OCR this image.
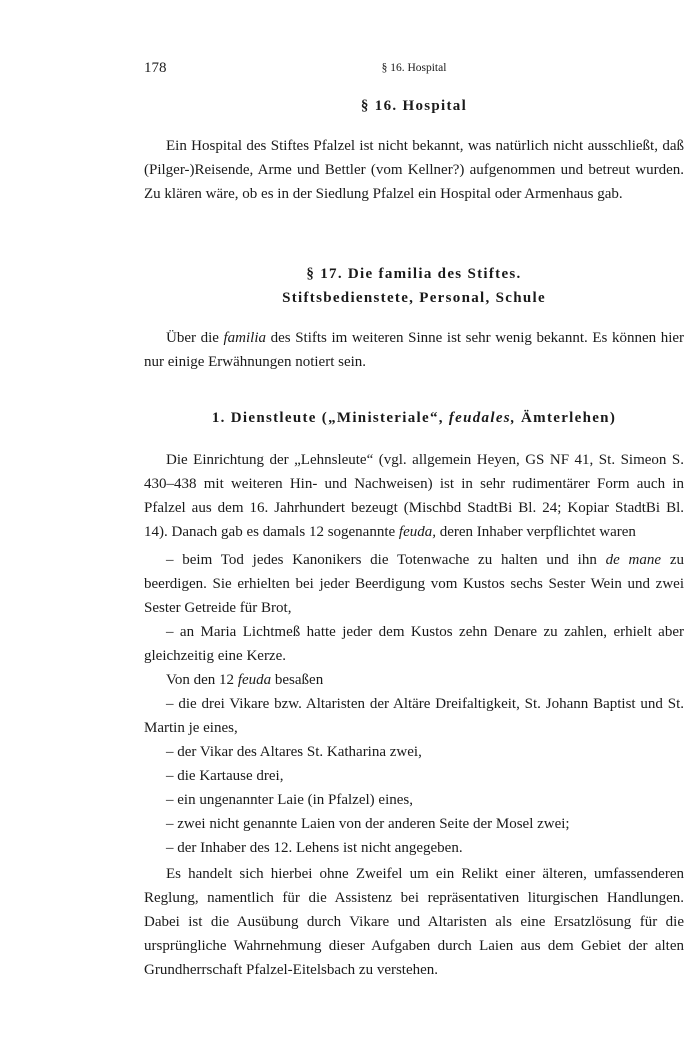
178	§ 16. Hospital
§ 16. Hospital

Ein Hospital des Stiftes Pfalzel ist nicht bekannt, was natürlich nicht ausschließt, daß (Pilger-)Reisende, Arme und Bettler (vom Kellner?) aufgenommen und betreut wurden. Zu klären wäre, ob es in der Siedlung Pfalzel ein Hospital oder Armenhaus gab.

§ 17. Die familia des Stiftes.
Stiftsbedienstete, Personal, Schule

Über die familia des Stifts im weiteren Sinne ist sehr wenig bekannt. Es können hier nur einige Erwähnungen notiert sein.

1. Dienstleute („Ministeriale“, feudales, Ämterlehen)

Die Einrichtung der „Lehnsleute“ (vgl. allgemein Heyen, GS NF 41, St. Simeon S. 430–438 mit weiteren Hin- und Nachweisen) ist in sehr rudimentärer Form auch in Pfalzel aus dem 16. Jahrhundert bezeugt (Mischbd StadtBi Bl. 24; Kopiar StadtBi Bl. 14). Danach gab es damals 12 sogenannte feuda, deren Inhaber verpflichtet waren

– beim Tod jedes Kanonikers die Totenwache zu halten und ihn de mane zu beerdigen. Sie erhielten bei jeder Beerdigung vom Kustos sechs Sester Wein und zwei Sester Getreide für Brot,

– an Maria Lichtmeß hatte jeder dem Kustos zehn Denare zu zahlen, erhielt aber gleichzeitig eine Kerze.

Von den 12 feuda besaßen

– die drei Vikare bzw. Altaristen der Altäre Dreifaltigkeit, St. Johann Baptist und St. Martin je eines,

– der Vikar des Altares St. Katharina zwei,

– die Kartause drei,

– ein ungenannter Laie (in Pfalzel) eines,

– zwei nicht genannte Laien von der anderen Seite der Mosel zwei;

– der Inhaber des 12. Lehens ist nicht angegeben.

Es handelt sich hierbei ohne Zweifel um ein Relikt einer älteren, umfassenderen Reglung, namentlich für die Assistenz bei repräsentativen liturgischen Handlungen. Dabei ist die Ausübung durch Vikare und Altaristen als eine Ersatzlösung für die ursprüngliche Wahrnehmung dieser Aufgaben durch Laien aus dem Gebiet der alten Grundherrschaft Pfalzel-Eitelsbach zu verstehen.
